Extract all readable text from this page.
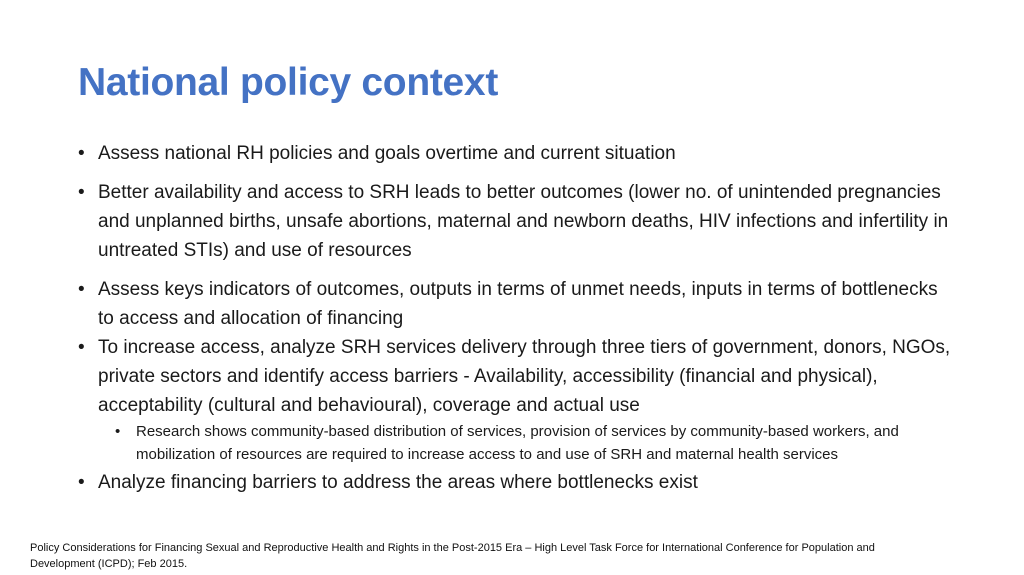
National policy context
• Assess national RH policies and goals overtime and current situation
• Better availability and access to SRH leads to better outcomes (lower no. of unintended pregnancies and unplanned births, unsafe abortions, maternal and newborn deaths, HIV infections and infertility in untreated STIs) and use of resources
• Assess keys indicators of outcomes, outputs in terms of unmet needs, inputs in terms of bottlenecks to access and allocation of financing
• To increase access, analyze SRH services delivery through three tiers of government, donors, NGOs, private sectors and identify access barriers - Availability, accessibility (financial and physical), acceptability (cultural and behavioural), coverage and actual use
• Research shows community-based distribution of services, provision of services by community-based workers, and mobilization of resources are required to increase access to and use of SRH and maternal health services
• Analyze financing barriers to address the areas where bottlenecks exist
Policy Considerations for Financing Sexual and Reproductive Health and Rights in the Post-2015 Era – High Level Task Force for International Conference for Population and Development (ICPD); Feb 2015.
